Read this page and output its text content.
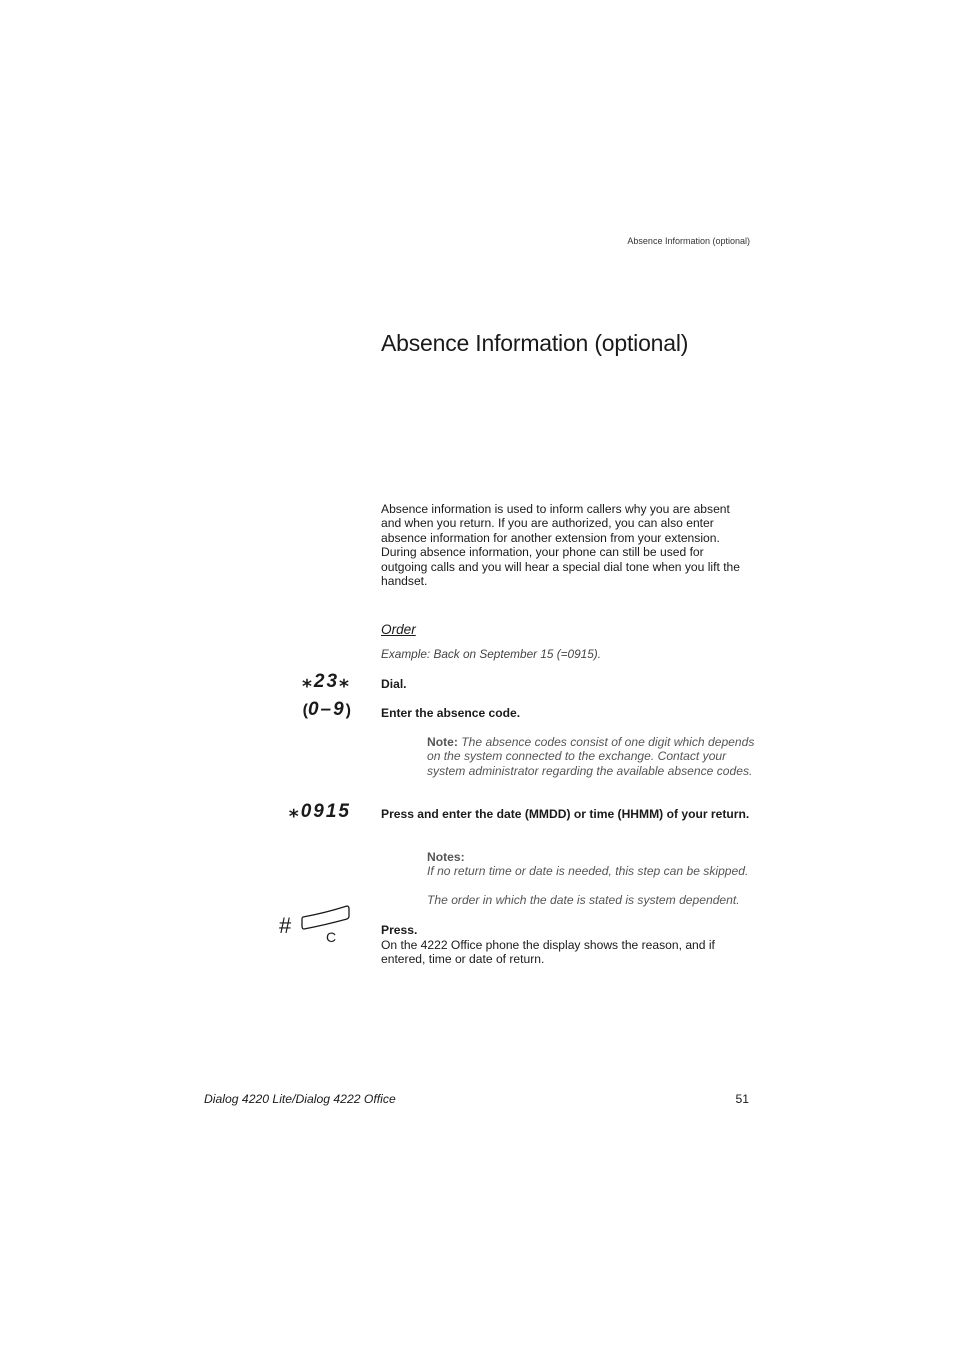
Absence Information (optional)
Absence Information (optional)
Absence information is used to inform callers why you are absent and when you return. If you are authorized, you can also enter absence information for another extension from your extension. During absence information, your phone can still be used for outgoing calls and you will hear a special dial tone when you lift the handset.
Order
Example: Back on September 15 (=0915).
⁎23⁎ Dial.
(0–9) Enter the absence code.
Note: The absence codes consist of one digit which depends on the system connected to the exchange. Contact your system administrator regarding the available absence codes.
⁎0915 Press and enter the date (MMDD) or time (HHMM) of your return.
Notes:
If no return time or date is needed, this step can be skipped.
The order in which the date is stated is system dependent.
# C	Press.
On the 4222 Office phone the display shows the reason, and if entered, time or date of return.
Dialog 4220 Lite/Dialog 4222 Office	51
